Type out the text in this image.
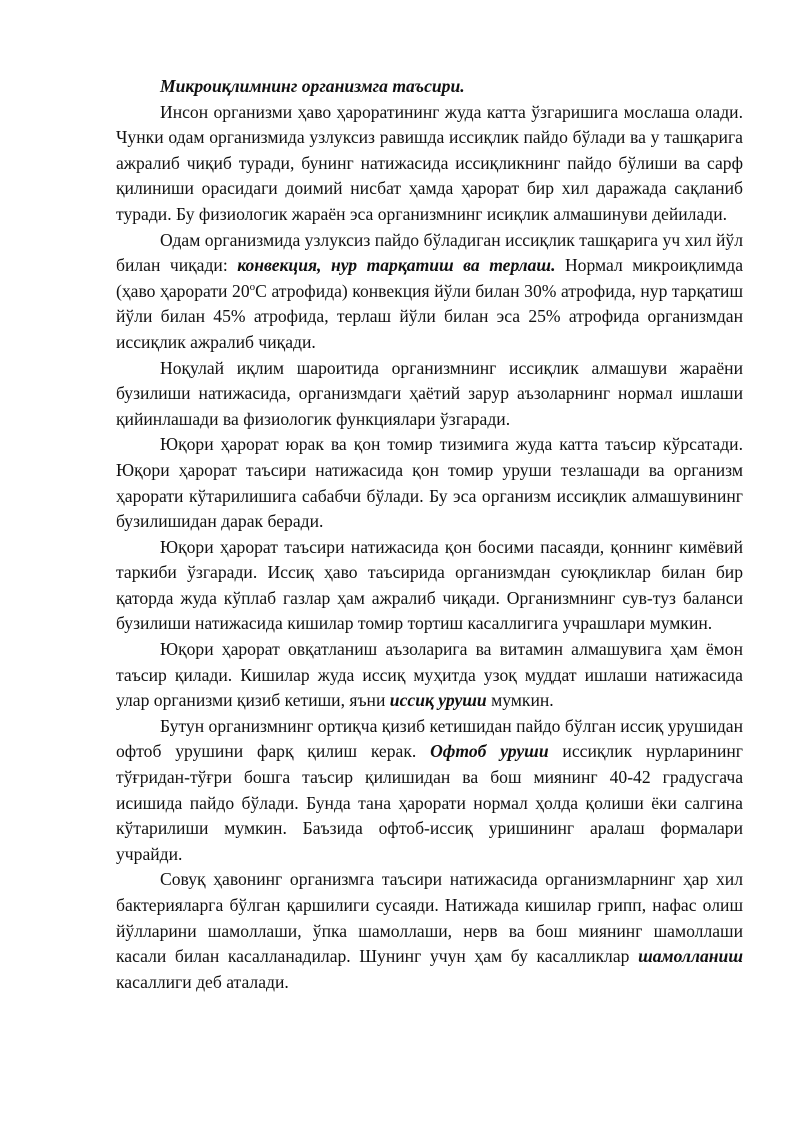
Микроиқлимнинг организмга таъсири.

Инсон организми ҳаво ҳароратининг жуда катта ўзгаришига мослаша олади. Чунки одам организмида узлуксиз равишда иссиқлик пайдо бўлади ва у ташқарига ажралиб чиқиб туради, бунинг натижасида иссиқликнинг пайдо бўлиши ва сарф қилиниши орасидаги доимий нисбат ҳамда ҳарорат бир хил даражада сақланиб туради. Бу физиологик жараён эса организмнинг исиқлик алмашинуви дейилади.

Одам организмида узлуксиз пайдо бўладиган иссиқлик ташқарига уч хил йўл билан чиқади: конвекция, нур тарқатиш ва терлаш. Нормал микроиқлимда (ҳаво ҳарорати $20^оС$ атрофида) конвекция йўли билан 30% атрофида, нур тарқатиш йўли билан 45% атрофида, терлаш йўли билан эса 25% атрофида организмдан иссиқлик ажралиб чиқади.

Ноқулай иқлим шароитида организмнинг иссиқлик алмашуви жараёни бузилиши натижасида, организмдаги ҳаётий зарур аъзоларнинг нормал ишлаши қийинлашади ва физиологик функциялари ўзгаради.

Юқори ҳарорат юрак ва қон томир тизимига жуда катта таъсир кўрсатади. Юқори ҳарорат таъсири натижасида қон томир уруши тезлашади ва организм ҳарорати кўтарилишига сабабчи бўлади. Бу эса организм иссиқлик алмашувининг бузилишидан дарак беради.

Юқори ҳарорат таъсири натижасида қон босими пасаяди, қоннинг кимёвий таркиби ўзгаради. Иссиқ ҳаво таъсирида организмдан суюқликлар билан бир қаторда жуда кўплаб газлар ҳам ажралиб чиқади. Организмнинг сув-туз баланси бузилиши натижасида кишилар томир тортиш касаллигига учрашлари мумкин.

Юқори ҳарорат овқатланиш аъзоларига ва витамин алмашувига ҳам ёмон таъсир қилади. Кишилар жуда иссиқ муҳитда узоқ муддат ишлаши натижасида улар организми қизиб кетиши, яъни иссиқ уруши мумкин.

Бутун организмнинг ортиқча қизиб кетишидан пайдо бўлган иссиқ урушидан офтоб урушини фарқ қилиш керак. Офтоб уруши иссиқлик нурларининг тўғридан-тўғри бошга таъсир қилишидан ва бош миянинг 40-42 градусгача исишида пайдо бўлади. Бунда тана ҳарорати нормал ҳолда қолиши ёки салгина кўтарилиши мумкин. Баъзида офтоб-иссиқ уришининг аралаш формалари учрайди.

Совуқ ҳавонинг организмга таъсири натижасида организмларнинг ҳар хил бактерияларга бўлган қаршилиги сусаяди. Натижада кишилар грипп, нафас олиш йўлларини шамоллаши, ўпка шамоллаши, нерв ва бош миянинг шамоллаши касали билан касалланадилар. Шунинг учун ҳам бу касалликлар шамолланиш касаллиги деб аталади.
